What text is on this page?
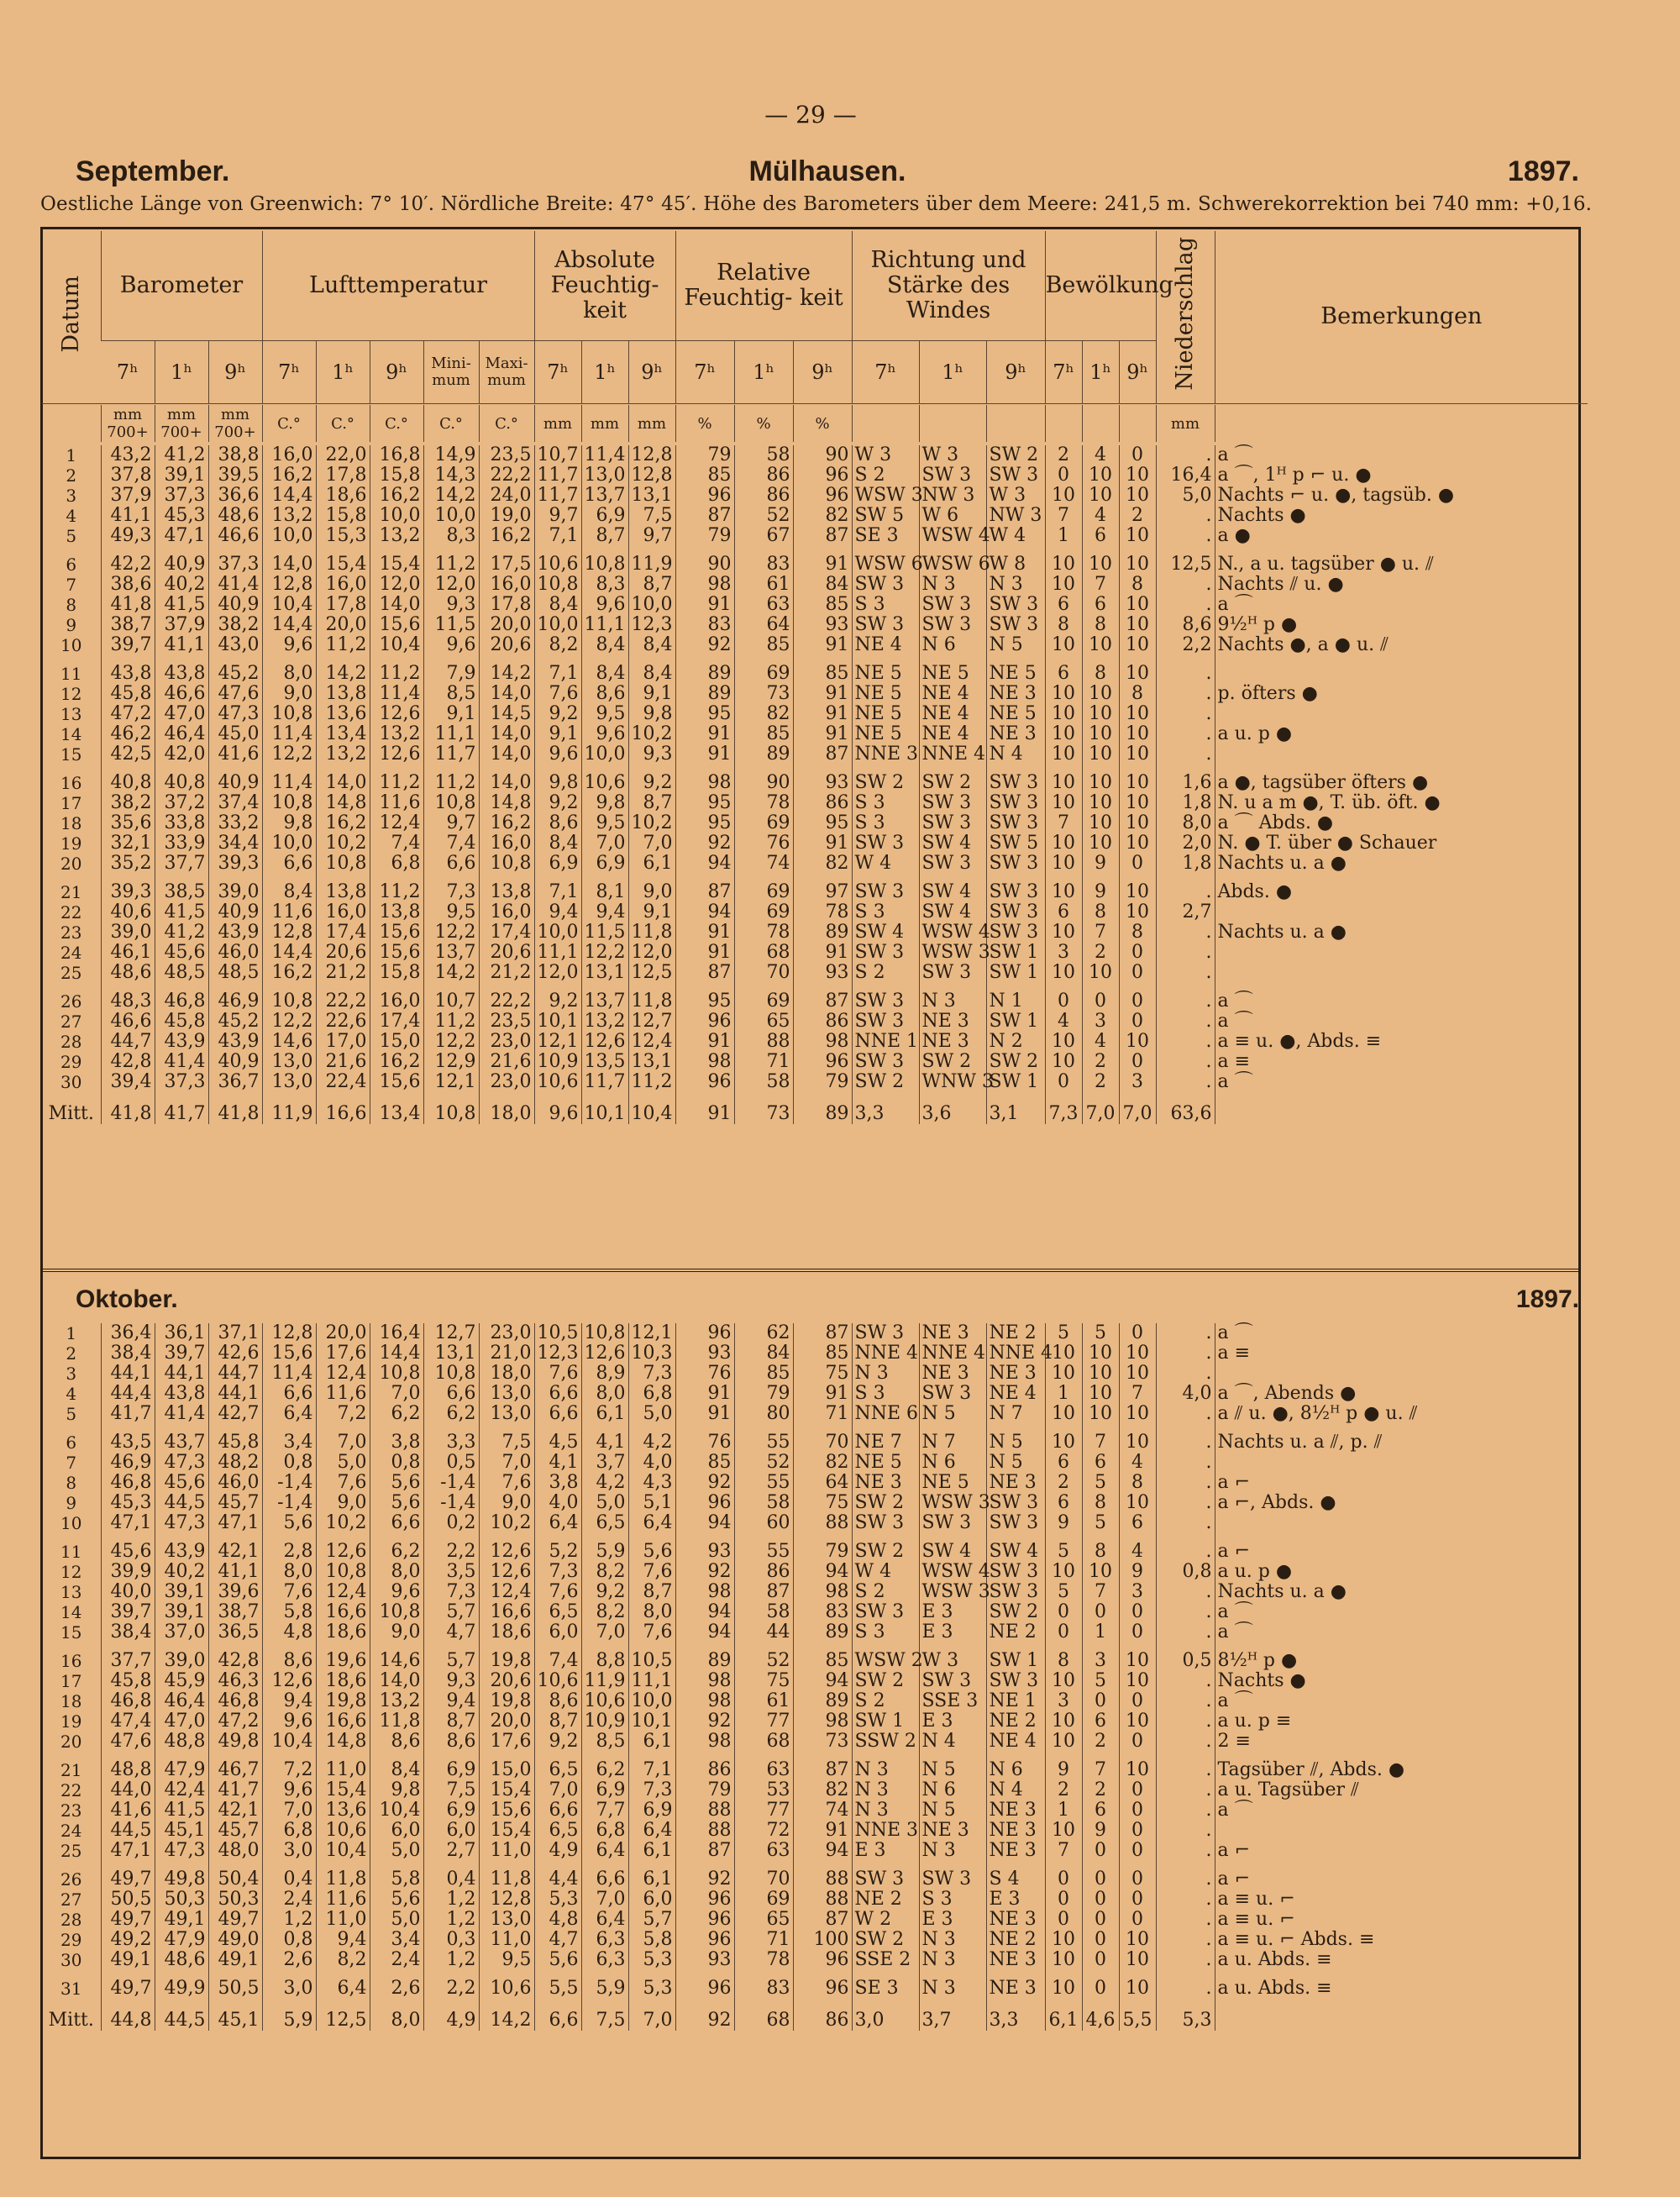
— 29 —
September.	Mülhausen.	1897.
Oestliche Länge von Greenwich: 7° 10′. Nördliche Breite: 47° 45′. Höhe des Barometers über dem Meere: 241,5 m. Schwerekorrektion bei 740 mm: +0,16.
Datum	Barometer			Lufttemperatur					Absolute Feuchtig- keit			Relative Feuchtig- keit			Richtung und Stärke des Windes			Bewölkung			Niederschlag	Bemerkungen
	7ʰ	1ʰ	9ʰ	7ʰ	1ʰ	9ʰ	Mini- mum	Maxi- mum	7ʰ	1ʰ	9ʰ	7ʰ	1ʰ	9ʰ	7ʰ	1ʰ	9ʰ	7ʰ	1ʰ	9ʰ		
	mm 700+	mm 700+	mm 700+	C.°	C.°	C.°	C.°	C.°	mm	mm	mm	%	%	%							mm	
1	43,2	41,2	38,8	16,0	22,0	16,8	14,9	23,5	10,7	11,4	12,8	79	58	90	W 3	W 3	SW 2	2	4	0	.	a ⌒
2	37,8	39,1	39,5	16,2	17,8	15,8	14,3	22,2	11,7	13,0	12,8	85	86	96	S 2	SW 3	SW 3	0	10	10	16,4	a ⌒, 1ᴴ p ⌐ u. ●
3	37,9	37,3	36,6	14,4	18,6	16,2	14,2	24,0	11,7	13,7	13,1	96	86	96	WSW 3	NW 3	W 3	10	10	10	5,0	Nachts ⌐ u. ●, tagsüb. ●
4	41,1	45,3	48,6	13,2	15,8	10,0	10,0	19,0	9,7	6,9	7,5	87	52	82	SW 5	W 6	NW 3	7	4	2	.	Nachts ●
5	49,3	47,1	46,6	10,0	15,3	13,2	8,3	16,2	7,1	8,7	9,7	79	67	87	SE 3	WSW 4	W 4	1	6	10	.	a ●
6	42,2	40,9	37,3	14,0	15,4	15,4	11,2	17,5	10,6	10,8	11,9	90	83	91	WSW 6	WSW 6	W 8	10	10	10	12,5	N., a u. tagsüber ● u. ⫽
7	38,6	40,2	41,4	12,8	16,0	12,0	12,0	16,0	10,8	8,3	8,7	98	61	84	SW 3	N 3	N 3	10	7	8	.	Nachts ⫽ u. ●
8	41,8	41,5	40,9	10,4	17,8	14,0	9,3	17,8	8,4	9,6	10,0	91	63	85	S 3	SW 3	SW 3	6	6	10	.	a ⌒
9	38,7	37,9	38,2	14,4	20,0	15,6	11,5	20,0	10,0	11,1	12,3	83	64	93	SW 3	SW 3	SW 3	8	8	10	8,6	9½ᴴ p ●
10	39,7	41,1	43,0	9,6	11,2	10,4	9,6	20,6	8,2	8,4	8,4	92	85	91	NE 4	N 6	N 5	10	10	10	2,2	Nachts ●, a ● u. ⫽
11	43,8	43,8	45,2	8,0	14,2	11,2	7,9	14,2	7,1	8,4	8,4	89	69	85	NE 5	NE 5	NE 5	6	8	10	.	
12	45,8	46,6	47,6	9,0	13,8	11,4	8,5	14,0	7,6	8,6	9,1	89	73	91	NE 5	NE 4	NE 3	10	10	8	.	p. öfters ●
13	47,2	47,0	47,3	10,8	13,6	12,6	9,1	14,5	9,2	9,5	9,8	95	82	91	NE 5	NE 4	NE 5	10	10	10	.	
14	46,2	46,4	45,0	11,4	13,4	13,2	11,1	14,0	9,1	9,6	10,2	91	85	91	NE 5	NE 4	NE 3	10	10	10	.	a u. p ●
15	42,5	42,0	41,6	12,2	13,2	12,6	11,7	14,0	9,6	10,0	9,3	91	89	87	NNE 3	NNE 4	N 4	10	10	10	.	
16	40,8	40,8	40,9	11,4	14,0	11,2	11,2	14,0	9,8	10,6	9,2	98	90	93	SW 2	SW 2	SW 3	10	10	10	1,6	a ●, tagsüber öfters ●
17	38,2	37,2	37,4	10,8	14,8	11,6	10,8	14,8	9,2	9,8	8,7	95	78	86	S 3	SW 3	SW 3	10	10	10	1,8	N. u a m ●, T. üb. öft. ●
18	35,6	33,8	33,2	9,8	16,2	12,4	9,7	16,2	8,6	9,5	10,2	95	69	95	S 3	SW 3	SW 3	7	10	10	8,0	a ⌒ Abds. ●
19	32,1	33,9	34,4	10,0	10,2	7,4	7,4	16,0	8,4	7,0	7,0	92	76	91	SW 3	SW 4	SW 5	10	10	10	2,0	N. ● T. über ● Schauer
20	35,2	37,7	39,3	6,6	10,8	6,8	6,6	10,8	6,9	6,9	6,1	94	74	82	W 4	SW 3	SW 3	10	9	0	1,8	Nachts u. a ●
21	39,3	38,5	39,0	8,4	13,8	11,2	7,3	13,8	7,1	8,1	9,0	87	69	97	SW 3	SW 4	SW 3	10	9	10	.	Abds. ●
22	40,6	41,5	40,9	11,6	16,0	13,8	9,5	16,0	9,4	9,4	9,1	94	69	78	S 3	SW 4	SW 3	6	8	10	2,7	
23	39,0	41,2	43,9	12,8	17,4	15,6	12,2	17,4	10,0	11,5	11,8	91	78	89	SW 4	WSW 4	SW 3	10	7	8	.	Nachts u. a ●
24	46,1	45,6	46,0	14,4	20,6	15,6	13,7	20,6	11,1	12,2	12,0	91	68	91	SW 3	WSW 3	SW 1	3	2	0	.	
25	48,6	48,5	48,5	16,2	21,2	15,8	14,2	21,2	12,0	13,1	12,5	87	70	93	S 2	SW 3	SW 1	10	10	0	.	
26	48,3	46,8	46,9	10,8	22,2	16,0	10,7	22,2	9,2	13,7	11,8	95	69	87	SW 3	N 3	N 1	0	0	0	.	a ⌒
27	46,6	45,8	45,2	12,2	22,6	17,4	11,2	23,5	10,1	13,2	12,7	96	65	86	SW 3	NE 3	SW 1	4	3	0	.	a ⌒
28	44,7	43,9	43,9	14,6	17,0	15,0	12,2	23,0	12,1	12,6	12,4	91	88	98	NNE 1	NE 3	N 2	10	4	10	.	a ≡ u. ●, Abds. ≡
29	42,8	41,4	40,9	13,0	21,6	16,2	12,9	21,6	10,9	13,5	13,1	98	71	96	SW 3	SW 2	SW 2	10	2	0	.	a ≡
30	39,4	37,3	36,7	13,0	22,4	15,6	12,1	23,0	10,6	11,7	11,2	96	58	79	SW 2	WNW 3	SW 1	0	2	3	.	a ⌒
Mitt.	41,8	41,7	41,8	11,9	16,6	13,4	10,8	18,0	9,6	10,1	10,4	91	73	89	3,3	3,6	3,1	7,3	7,0	7,0	63,6	
Oktober.	1897.
1	36,4	36,1	37,1	12,8	20,0	16,4	12,7	23,0	10,5	10,8	12,1	96	62	87	SW 3	NE 3	NE 2	5	5	0	.	a ⌒
2	38,4	39,7	42,6	15,6	17,6	14,4	13,1	21,0	12,3	12,6	10,3	93	84	85	NNE 4	NNE 4	NNE 4	10	10	10	.	a ≡
3	44,1	44,1	44,7	11,4	12,4	10,8	10,8	18,0	7,6	8,9	7,3	76	85	75	N 3	NE 3	NE 3	10	10	10	.	
4	44,4	43,8	44,1	6,6	11,6	7,0	6,6	13,0	6,6	8,0	6,8	91	79	91	S 3	SW 3	NE 4	1	10	7	4,0	a ⌒, Abends ●
5	41,7	41,4	42,7	6,4	7,2	6,2	6,2	13,0	6,6	6,1	5,0	91	80	71	NNE 6	N 5	N 7	10	10	10	.	a ⫽ u. ●, 8½ᴴ p ● u. ⫽
6	43,5	43,7	45,8	3,4	7,0	3,8	3,3	7,5	4,5	4,1	4,2	76	55	70	NE 7	N 7	N 5	10	7	10	.	Nachts u. a ⫽, p. ⫽
7	46,9	47,3	48,2	0,8	5,0	0,8	0,5	7,0	4,1	3,7	4,0	85	52	82	NE 5	N 6	N 5	6	6	4	.	
8	46,8	45,6	46,0	-1,4	7,6	5,6	-1,4	7,6	3,8	4,2	4,3	92	55	64	NE 3	NE 5	NE 3	2	5	8	.	a ⌐
9	45,3	44,5	45,7	-1,4	9,0	5,6	-1,4	9,0	4,0	5,0	5,1	96	58	75	SW 2	WSW 3	SW 3	6	8	10	.	a ⌐, Abds. ●
10	47,1	47,3	47,1	5,6	10,2	6,6	0,2	10,2	6,4	6,5	6,4	94	60	88	SW 3	SW 3	SW 3	9	5	6	.	
11	45,6	43,9	42,1	2,8	12,6	6,2	2,2	12,6	5,2	5,9	5,6	93	55	79	SW 2	SW 4	SW 4	5	8	4	.	a ⌐
12	39,9	40,2	41,1	8,0	10,8	8,0	3,5	12,6	7,3	8,2	7,6	92	86	94	W 4	WSW 4	SW 3	10	10	9	0,8	a u. p ●
13	40,0	39,1	39,6	7,6	12,4	9,6	7,3	12,4	7,6	9,2	8,7	98	87	98	S 2	WSW 3	SW 3	5	7	3	.	Nachts u. a ●
14	39,7	39,1	38,7	5,8	16,6	10,8	5,7	16,6	6,5	8,2	8,0	94	58	83	SW 3	E 3	SW 2	0	0	0	.	a ⌒
15	38,4	37,0	36,5	4,8	18,6	9,0	4,7	18,6	6,0	7,0	7,6	94	44	89	S 3	E 3	NE 2	0	1	0	.	a ⌒
16	37,7	39,0	42,8	8,6	19,6	14,6	5,7	19,8	7,4	8,8	10,5	89	52	85	WSW 2	W 3	SW 1	8	3	10	0,5	8½ᴴ p ●
17	45,8	45,9	46,3	12,6	18,6	14,0	9,3	20,6	10,6	11,9	11,1	98	75	94	SW 2	SW 3	SW 3	10	5	10	.	Nachts ●
18	46,8	46,4	46,8	9,4	19,8	13,2	9,4	19,8	8,6	10,6	10,0	98	61	89	S 2	SSE 3	NE 1	3	0	0	.	a ⌒
19	47,4	47,0	47,2	9,6	16,6	11,8	8,7	20,0	8,7	10,9	10,1	92	77	98	SW 1	E 3	NE 2	10	6	10	.	a u. p ≡
20	47,6	48,8	49,8	10,4	14,8	8,6	8,6	17,6	9,2	8,5	6,1	98	68	73	SSW 2	N 4	NE 4	10	2	0	.	2 ≡
21	48,8	47,9	46,7	7,2	11,0	8,4	6,9	15,0	6,5	6,2	7,1	86	63	87	N 3	N 5	N 6	9	7	10	.	Tagsüber ⫽, Abds. ●
22	44,0	42,4	41,7	9,6	15,4	9,8	7,5	15,4	7,0	6,9	7,3	79	53	82	N 3	N 6	N 4	2	2	0	.	a u. Tagsüber ⫽
23	41,6	41,5	42,1	7,0	13,6	10,4	6,9	15,6	6,6	7,7	6,9	88	77	74	N 3	N 5	NE 3	1	6	0	.	a ⌒
24	44,5	45,1	45,7	6,8	10,6	6,0	6,0	15,4	6,5	6,8	6,4	88	72	91	NNE 3	NE 3	NE 3	10	9	0	.	
25	47,1	47,3	48,0	3,0	10,4	5,0	2,7	11,0	4,9	6,4	6,1	87	63	94	E 3	N 3	NE 3	7	0	0	.	a ⌐
26	49,7	49,8	50,4	0,4	11,8	5,8	0,4	11,8	4,4	6,6	6,1	92	70	88	SW 3	SW 3	S 4	0	0	0	.	a ⌐
27	50,5	50,3	50,3	2,4	11,6	5,6	1,2	12,8	5,3	7,0	6,0	96	69	88	NE 2	S 3	E 3	0	0	0	.	a ≡ u. ⌐
28	49,7	49,1	49,7	1,2	11,0	5,0	1,2	13,0	4,8	6,4	5,7	96	65	87	W 2	E 3	NE 3	0	0	0	.	a ≡ u. ⌐
29	49,2	47,9	49,0	0,8	9,4	3,4	0,3	11,0	4,7	6,3	5,8	96	71	100	SW 2	N 3	NE 2	10	0	10	.	a ≡ u. ⌐ Abds. ≡
30	49,1	48,6	49,1	2,6	8,2	2,4	1,2	9,5	5,6	6,3	5,3	93	78	96	SSE 2	N 3	NE 3	10	0	10	.	a u. Abds. ≡
31	49,7	49,9	50,5	3,0	6,4	2,6	2,2	10,6	5,5	5,9	5,3	96	83	96	SE 3	N 3	NE 3	10	0	10	.	a u. Abds. ≡
Mitt.	44,8	44,5	45,1	5,9	12,5	8,0	4,9	14,2	6,6	7,5	7,0	92	68	86	3,0	3,7	3,3	6,1	4,6	5,5	5,3	
